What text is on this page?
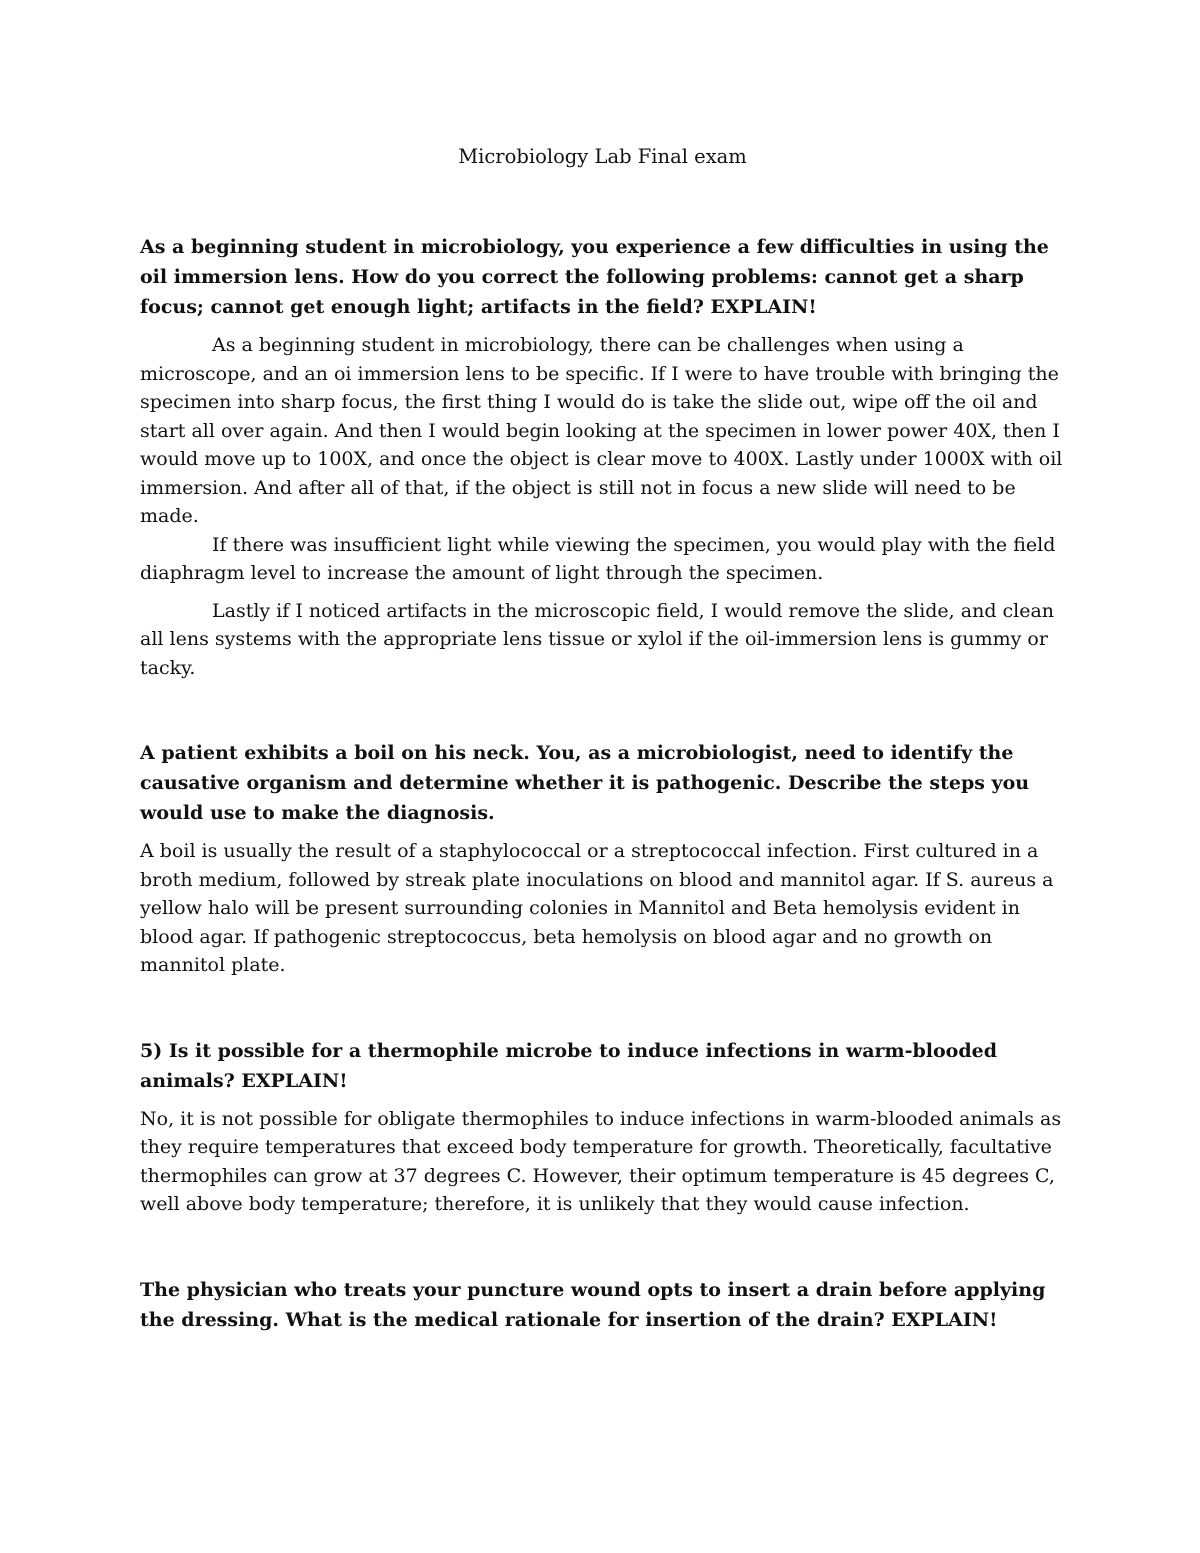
Microbiology Lab Final exam

As a beginning student in microbiology, you experience a few difficulties in using the oil immersion lens. How do you correct the following problems: cannot get a sharp focus; cannot get enough light; artifacts in the field? EXPLAIN!

As a beginning student in microbiology, there can be challenges when using a microscope, and an oi immersion lens to be specific. If I were to have trouble with bringing the specimen into sharp focus, the first thing I would do is take the slide out, wipe off the oil and start all over again. And then I would begin looking at the specimen in lower power 40X, then I would move up to 100X, and once the object is clear move to 400X. Lastly under 1000X with oil immersion. And after all of that, if the object is still not in focus a new slide will need to be made.

If there was insufficient light while viewing the specimen, you would play with the field diaphragm level to increase the amount of light through the specimen.

Lastly if I noticed artifacts in the microscopic field, I would remove the slide, and clean all lens systems with the appropriate lens tissue or xylol if the oil-immersion lens is gummy or tacky.

A patient exhibits a boil on his neck. You, as a microbiologist, need to identify the causative organism and determine whether it is pathogenic. Describe the steps you would use to make the diagnosis.

A boil is usually the result of a staphylococcal or a streptococcal infection. First cultured in a broth medium, followed by streak plate inoculations on blood and mannitol agar. If S. aureus a yellow halo will be present surrounding colonies in Mannitol and Beta hemolysis evident in blood agar. If pathogenic streptococcus, beta hemolysis on blood agar and no growth on mannitol plate.

5) Is it possible for a thermophile microbe to induce infections in warm-blooded animals? EXPLAIN!

No, it is not possible for obligate thermophiles to induce infections in warm-blooded animals as they require temperatures that exceed body temperature for growth. Theoretically, facultative thermophiles can grow at 37 degrees C. However, their optimum temperature is 45 degrees C, well above body temperature; therefore, it is unlikely that they would cause infection.

The physician who treats your puncture wound opts to insert a drain before applying the dressing. What is the medical rationale for insertion of the drain? EXPLAIN!
